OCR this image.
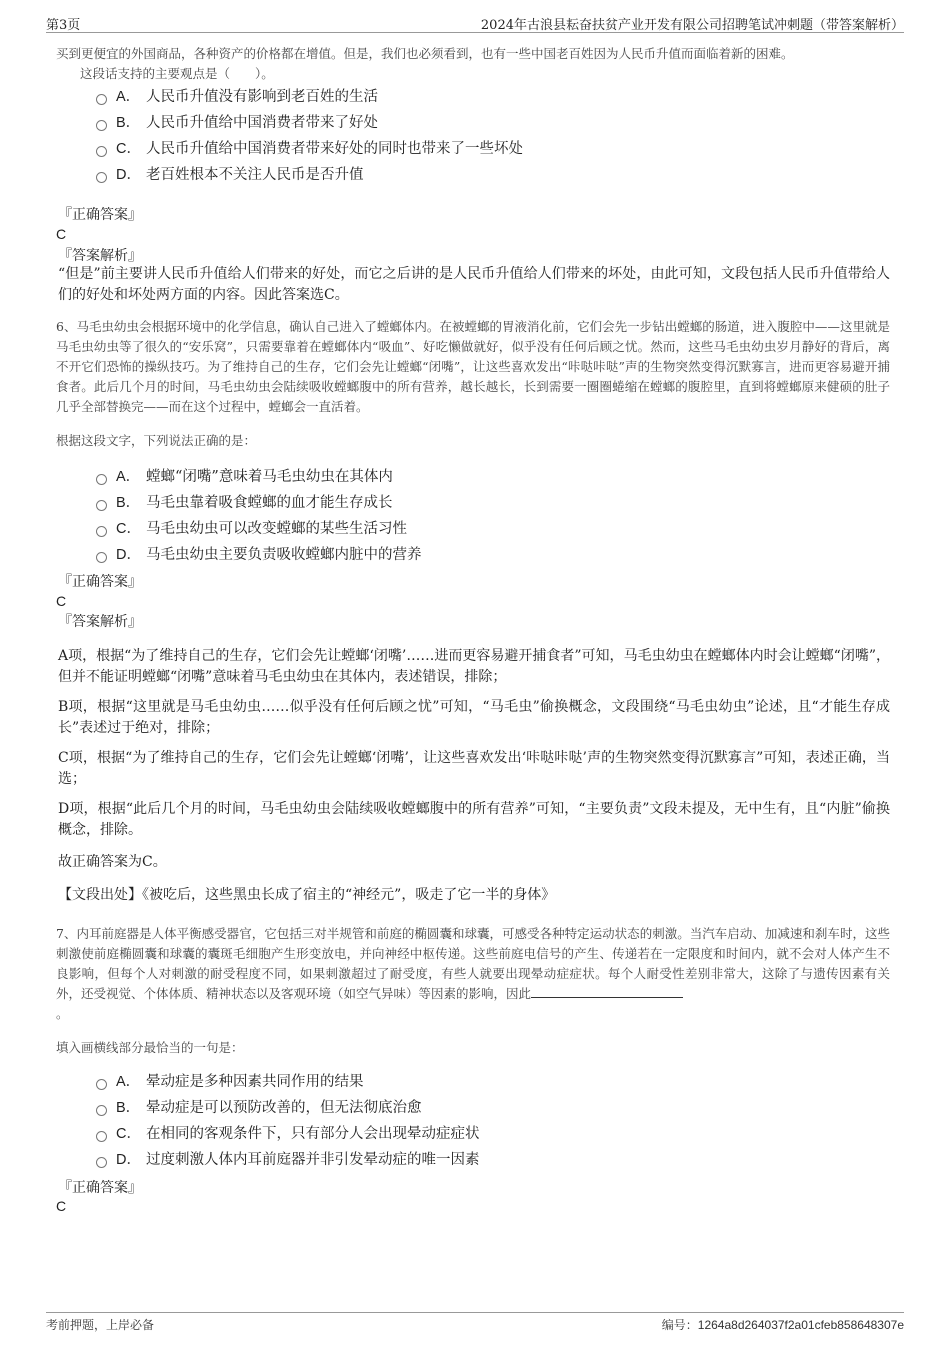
第3页	2024年古浪县耘奋扶贫产业开发有限公司招聘笔试冲刺题（带答案解析）
买到更便宜的外国商品，各种资产的价格都在增值。但是，我们也必须看到，也有一些中国老百姓因为人民币升值而面临着新的困难。
这段话支持的主要观点是（　　）。
A． 人民币升值没有影响到老百姓的生活
B． 人民币升值给中国消费者带来了好处
C． 人民币升值给中国消费者带来好处的同时也带来了一些坏处
D． 老百姓根本不关注人民币是否升值
『正确答案』
C
『答案解析』
“但是”前主要讲人民币升值给人们带来的好处，而它之后讲的是人民币升值给人们带来的坏处，由此可知，文段包括人民币升值带给人们的好处和坏处两方面的内容。因此答案选C。
6、马毛虫幼虫会根据环境中的化学信息，确认自己进入了螳螂体内。在被螳螂的胃液消化前，它们会先一步钻出螳螂的肠道，进入腹腔中——这里就是马毛虫幼虫等了很久的“安乐窝”，只需要靠着在螳螂体内“吸血”、好吃懒做就好，似乎没有任何后顾之忧。然而，这些马毛虫幼虫岁月静好的背后，离不开它们恐怖的操纵技巧。为了维持自己的生存，它们会先让螳螂“闭嘴”，让这些喜欢发出“咔哒咔哒”声的生物突然变得沉默寡言，进而更容易避开捕食者。此后几个月的时间，马毛虫幼虫会陆续吸收螳螂腹中的所有营养，越长越长，长到需要一圈圈蜷缩在螳螂的腹腔里，直到将螳螂原来健硕的肚子几乎全部替换完——而在这个过程中，螳螂会一直活着。
根据这段文字，下列说法正确的是：
A． 螳螂“闭嘴”意味着马毛虫幼虫在其体内
B． 马毛虫靠着吸食螳螂的血才能生存成长
C． 马毛虫幼虫可以改变螳螂的某些生活习性
D． 马毛虫幼虫主要负责吸收螳螂内脏中的营养
『正确答案』
C
『答案解析』
A项，根据“为了维持自己的生存，它们会先让螳螂‘闭嘴’……进而更容易避开捕食者”可知，马毛虫幼虫在螳螂体内时会让螳螂“闭嘴”，但并不能证明螳螂“闭嘴”意味着马毛虫幼虫在其体内，表述错误，排除；
B项，根据“这里就是马毛虫幼虫……似乎没有任何后顾之忧”可知，“马毛虫”偷换概念，文段围绕“马毛虫幼虫”论述，且“才能生存成长”表述过于绝对，排除；
C项，根据“为了维持自己的生存，它们会先让螳螂‘闭嘴’，让这些喜欢发出‘咔哒咔哒’声的生物突然变得沉默寡言”可知，表述正确，当选；
D项，根据“此后几个月的时间，马毛虫幼虫会陆续吸收螳螂腹中的所有营养”可知，“主要负责”文段未提及，无中生有，且“内脏”偷换概念，排除。
故正确答案为C。
【文段出处】《被吃后，这些黑虫长成了宿主的“神经元”，吸走了它一半的身体》
7、内耳前庭器是人体平衡感受器官，它包括三对半规管和前庭的椭圆囊和球囊，可感受各种特定运动状态的刺激。当汽车启动、加减速和刹车时，这些刺激使前庭椭圆囊和球囊的囊斑毛细胞产生形变放电，并向神经中枢传递。这些前庭电信号的产生、传递若在一定限度和时间内，就不会对人体产生不良影响，但每个人对刺激的耐受程度不同，如果刺激超过了耐受度，有些人就要出现晕动症症状。每个人耐受性差别非常大，这除了与遗传因素有关外，还受视觉、个体体质、精神状态以及客观环境（如空气异味）等因素的影响，因此
。
填入画横线部分最恰当的一句是：
A． 晕动症是多种因素共同作用的结果
B． 晕动症是可以预防改善的，但无法彻底治愈
C． 在相同的客观条件下，只有部分人会出现晕动症症状
D． 过度刺激人体内耳前庭器并非引发晕动症的唯一因素
『正确答案』
C
考前押题，上岸必备	编号：1264a8d264037f2a01cfeb858648307e
